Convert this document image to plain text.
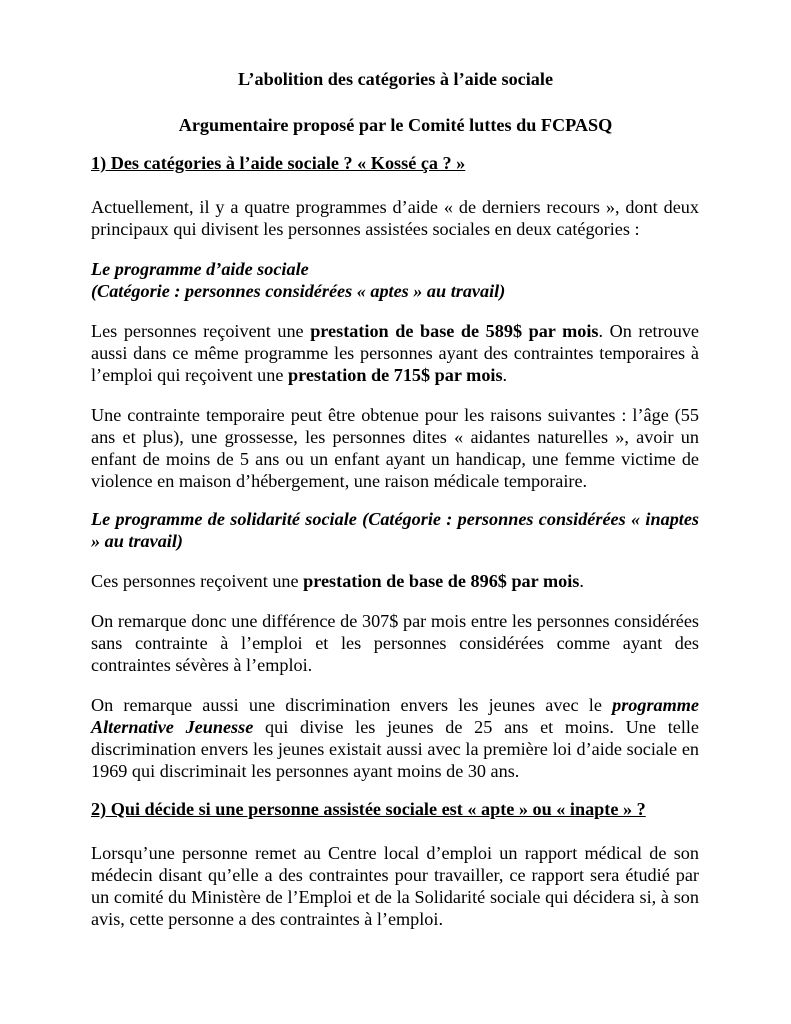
L’abolition des catégories à l’aide sociale

Argumentaire proposé par le Comité luttes du FCPASQ

1) Des catégories à l’aide sociale ? « Kossé ça ? »

Actuellement, il y a quatre programmes d’aide « de derniers recours », dont deux principaux qui divisent les personnes assistées sociales en deux catégories :

Le programme d’aide sociale
(Catégorie : personnes considérées « aptes » au travail)

Les personnes reçoivent une prestation de base de 589$ par mois. On retrouve aussi dans ce même programme les personnes ayant des contraintes temporaires à l’emploi qui reçoivent une prestation de 715$ par mois.

Une contrainte temporaire peut être obtenue pour les raisons suivantes : l’âge (55 ans et plus), une grossesse, les personnes dites « aidantes naturelles », avoir un enfant de moins de 5 ans ou un enfant ayant un handicap, une femme victime de violence en maison d’hébergement, une raison médicale temporaire.

Le programme de solidarité sociale (Catégorie : personnes considérées « inaptes » au travail)

Ces personnes reçoivent une prestation de base de 896$ par mois.

On remarque donc une différence de 307$ par mois entre les personnes considérées sans contrainte à l’emploi et les personnes considérées comme ayant des contraintes sévères à l’emploi.

On remarque aussi une discrimination envers les jeunes avec le programme Alternative Jeunesse qui divise les jeunes de 25 ans et moins. Une telle discrimination envers les jeunes existait aussi avec la première loi d’aide sociale en 1969 qui discriminait les personnes ayant moins de 30 ans.

2) Qui décide si une personne assistée sociale est « apte » ou « inapte » ?

Lorsqu’une personne remet au Centre local d’emploi un rapport médical de son médecin disant qu’elle a des contraintes pour travailler, ce rapport sera étudié par un comité du Ministère de l’Emploi et de la Solidarité sociale qui décidera si, à son avis, cette personne a des contraintes à l’emploi.
